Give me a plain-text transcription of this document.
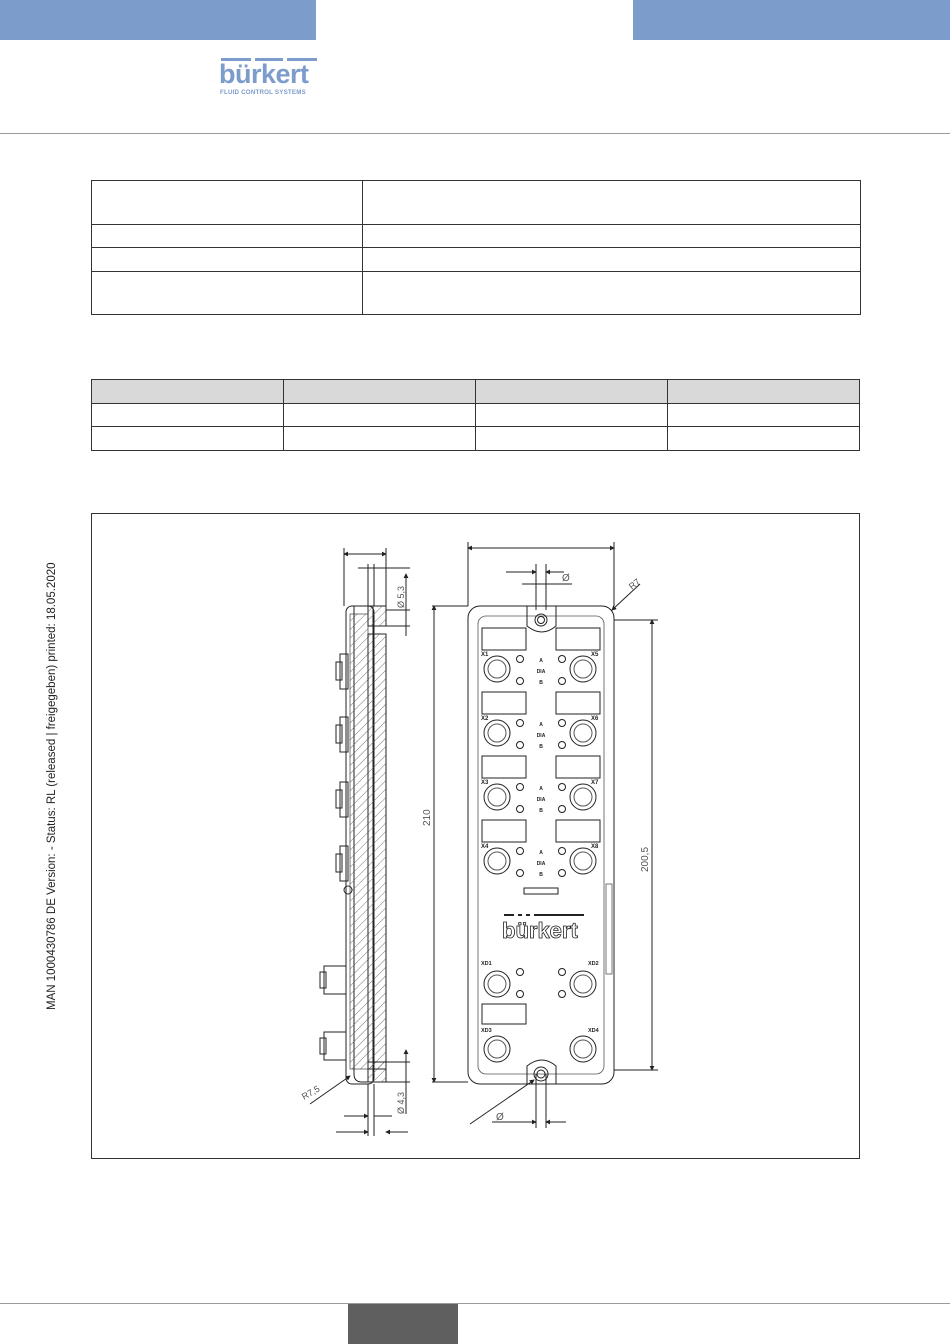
bürkert
FLUID CONTROL SYSTEMS
MAN 1000430786 DE Version: - Status: RL (released | freigegeben) printed: 18.05.2020

				Ø 5,3
Ø 4,3
R7,5
X1
X2
X3
X4
X5
X6
X7
X8
A
DIA
B
A
DIA
B
A
DIA
B
A
DIA
B
bürkert
XD1	XD2
XD3	XD4
Ø	R7
210
200,5
Ø
